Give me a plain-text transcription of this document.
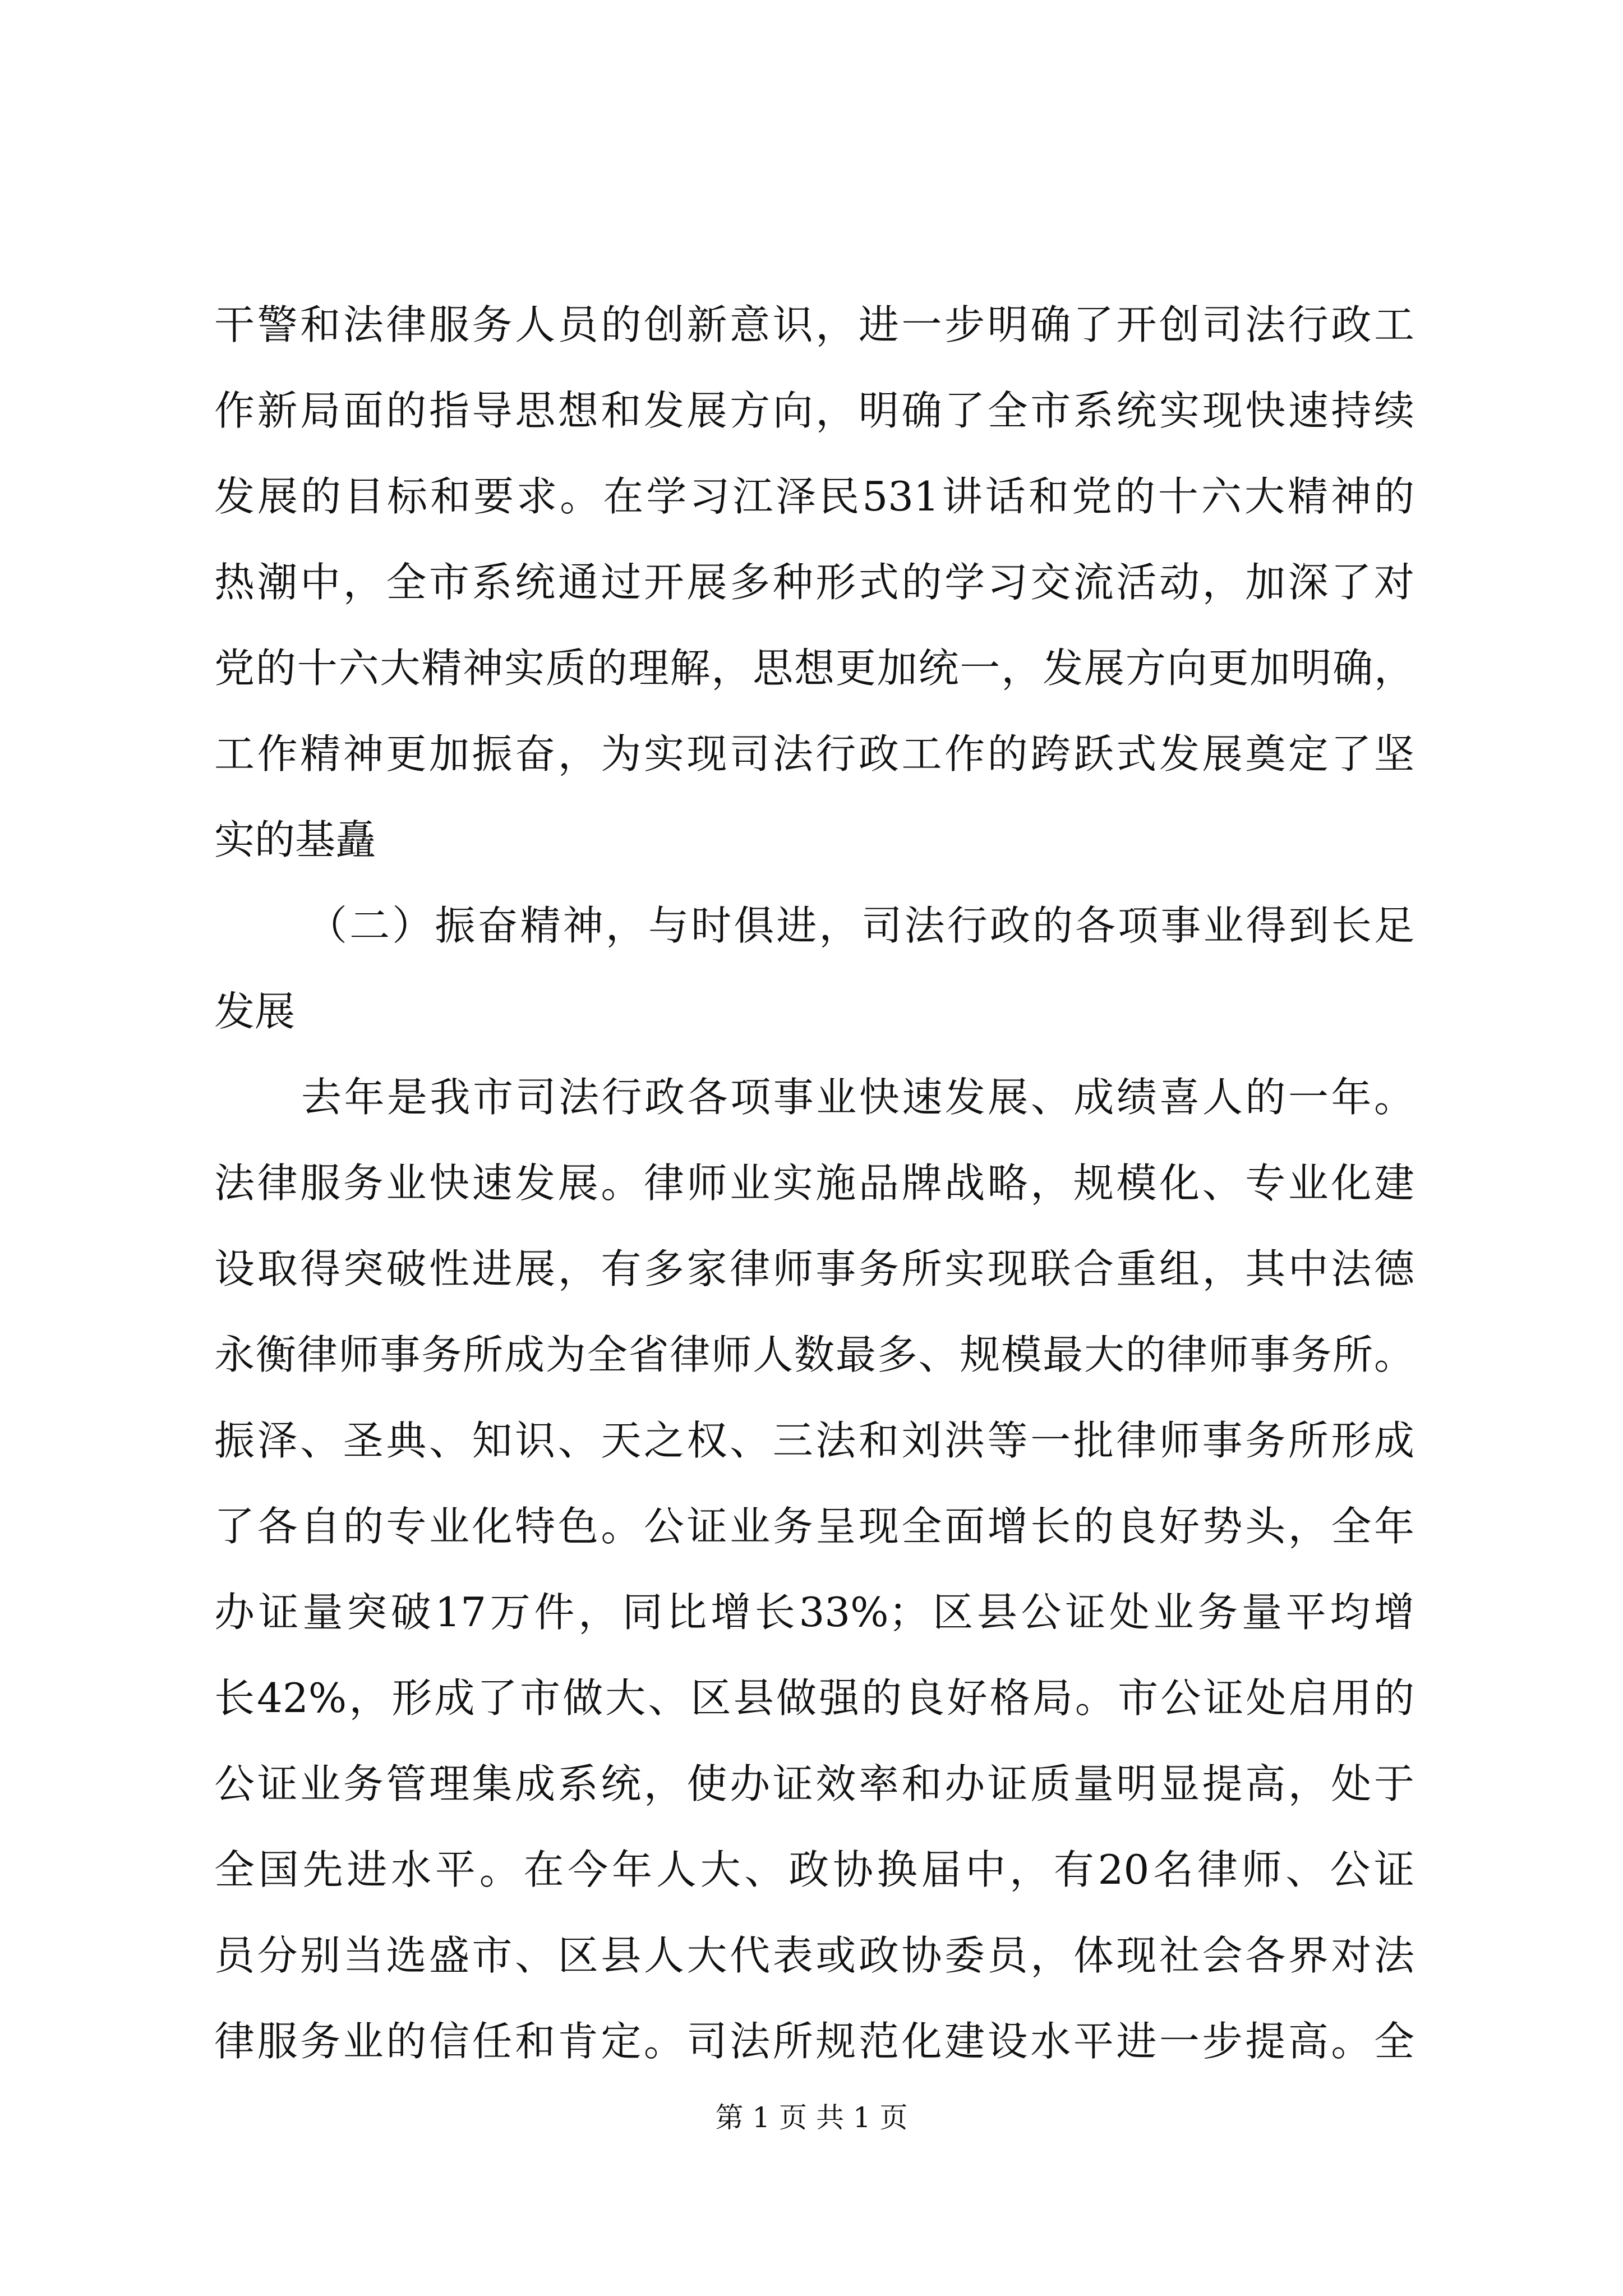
干警和法律服务人员的创新意识，进一步明确了开创司法行政工
作新局面的指导思想和发展方向，明确了全市系统实现快速持续
发展的目标和要求。在学习江泽民531讲话和党的十六大精神的
热潮中，全市系统通过开展多种形式的学习交流活动，加深了对
党的十六大精神实质的理解，思想更加统一，发展方向更加明确，
工作精神更加振奋，为实现司法行政工作的跨跃式发展奠定了坚
实的基矗
（二）振奋精神，与时俱进，司法行政的各项事业得到长足
发展
去年是我市司法行政各项事业快速发展、成绩喜人的一年。
法律服务业快速发展。律师业实施品牌战略，规模化、专业化建
设取得突破性进展，有多家律师事务所实现联合重组，其中法德
永衡律师事务所成为全省律师人数最多、规模最大的律师事务所。
振泽、圣典、知识、天之权、三法和刘洪等一批律师事务所形成
了各自的专业化特色。公证业务呈现全面增长的良好势头，全年
办证量突破17万件，同比增长33%；区县公证处业务量平均增
长42%，形成了市做大、区县做强的良好格局。市公证处启用的
公证业务管理集成系统，使办证效率和办证质量明显提高，处于
全国先进水平。在今年人大、政协换届中，有20名律师、公证
员分别当选盛市、区县人大代表或政协委员，体现社会各界对法
律服务业的信任和肯定。司法所规范化建设水平进一步提高。全
第 1 页 共 1 页
